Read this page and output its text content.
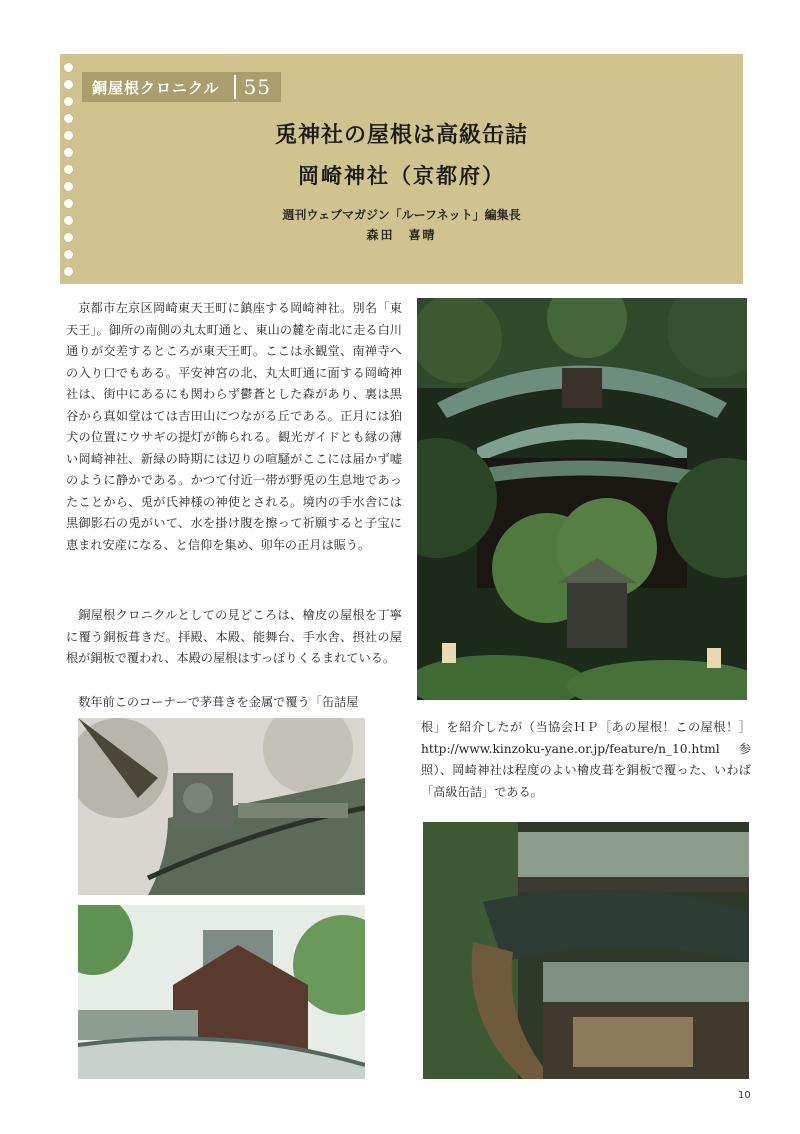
銅屋根クロニクル 55
兎神社の屋根は高級缶詰
岡崎神社（京都府）
週刊ウェブマガジン「ルーフネット」編集長
森田　喜晴
京都市左京区岡崎東天王町に鎮座する岡崎神社。別名「東天王」。御所の南側の丸太町通と、東山の麓を南北に走る白川通りが交差するところが東天王町。ここは永観堂、南禅寺への入り口でもある。平安神宮の北、丸太町通に面する岡崎神社は、街中にあるにも関わらず鬱蒼とした森があり、裏は黒谷から真如堂はては吉田山につながる丘である。正月には狛犬の位置にウサギの提灯が飾られる。観光ガイドとも縁の薄い岡崎神社、新緑の時期には辺りの喧騒がここには届かず嘘のように静かである。かつて付近一帯が野兎の生息地であったことから、兎が氏神様の神使とされる。境内の手水舎には黒御影石の兎がいて、水を掛け腹を擦って祈願すると子宝に恵まれ安産になる、と信仰を集め、卯年の正月は賑う。
銅屋根クロニクルとしての見どころは、檜皮の屋根を丁寧に覆う銅板葺きだ。拝殿、本殿、能舞台、手水舎、摂社の屋根が銅板で覆われ、本殿の屋根はすっぽりくるまれている。
数年前このコーナーで茅葺きを金属で覆う「缶詰屋
根」を紹介したが（当協会ＨＰ［あの屋根！この屋根！］http://www.kinzoku-yane.or.jp/feature/n_10.html 参照）、岡崎神社は程度のよい檜皮葺を銅板で覆った、いわば「高級缶詰」である。
10
